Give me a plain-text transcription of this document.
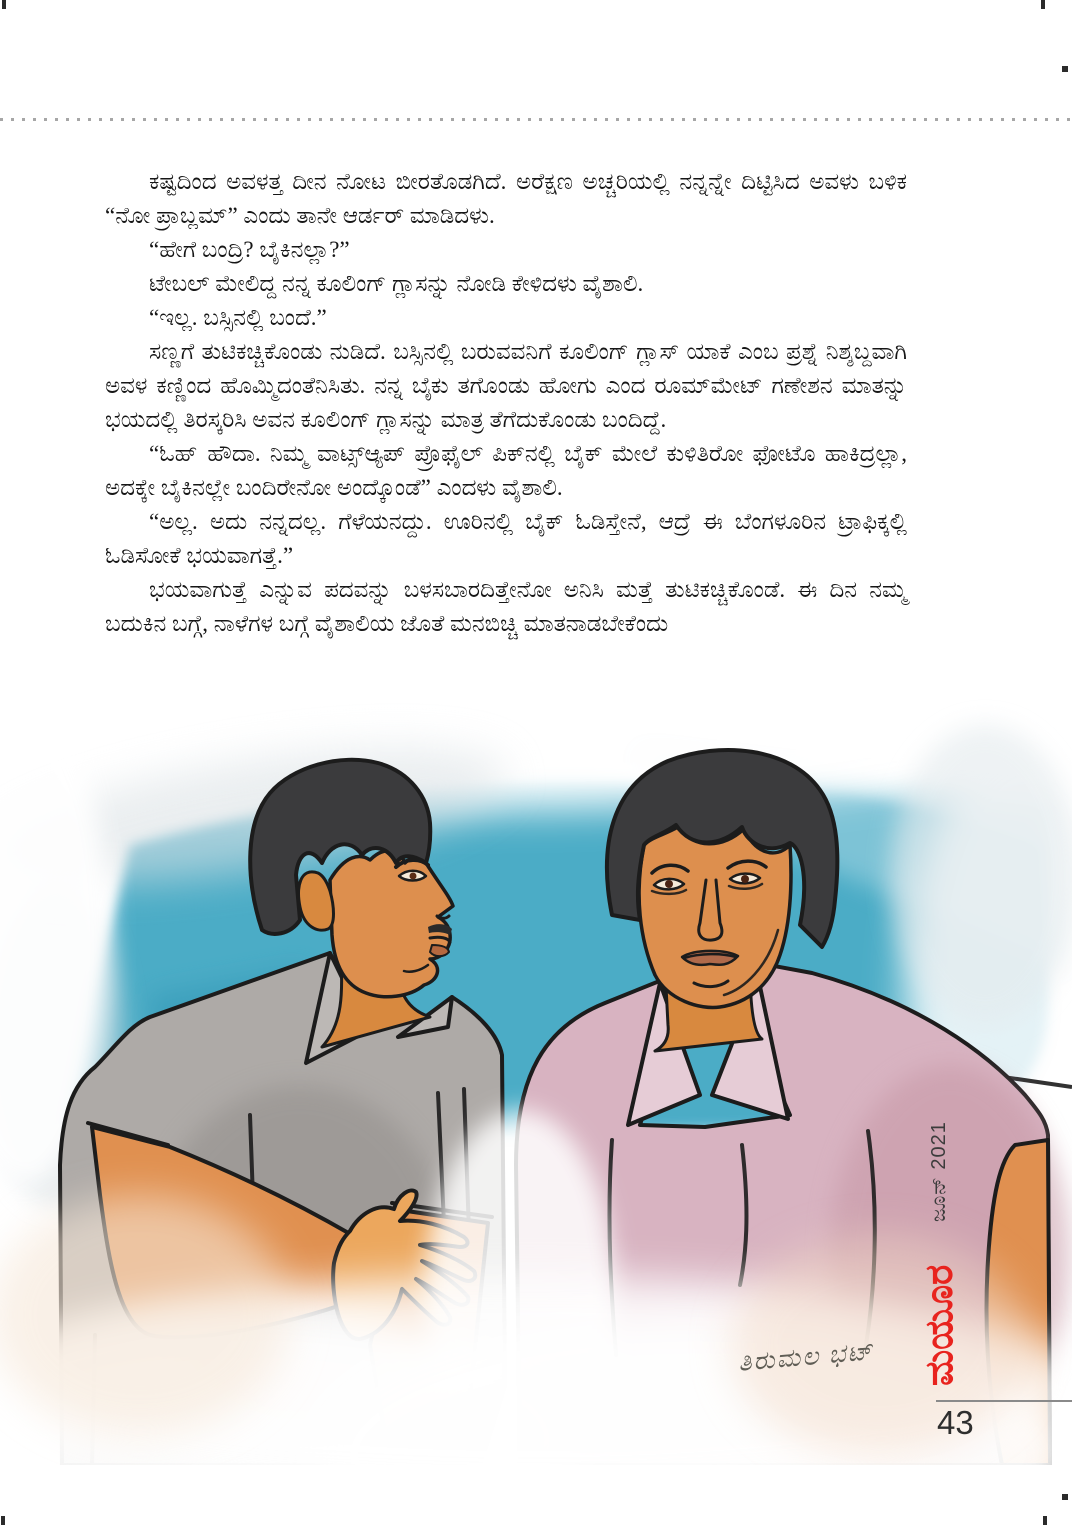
ಕಷ್ಟದಿಂದ ಅವಳತ್ತ ದೀನ ನೋಟ ಬೀರತೊಡಗಿದೆ. ಅರೆಕ್ಷಣ ಅಚ್ಚರಿಯಲ್ಲಿ ನನ್ನನ್ನೇ ದಿಟ್ಟಿಸಿದ ಅವಳು ಬಳಿಕ “ನೋ ಪ್ರಾಬ್ಲಮ್” ಎಂದು ತಾನೇ ಆರ್ಡರ್ ಮಾಡಿದಳು.

“ಹೇಗೆ ಬಂದ್ರಿ? ಬೈಕಿನಲ್ಲಾ?”

ಟೇಬಲ್ ಮೇಲಿದ್ದ ನನ್ನ ಕೂಲಿಂಗ್ ಗ್ಲಾಸನ್ನು ನೋಡಿ ಕೇಳಿದಳು ವೈಶಾಲಿ.

“ಇಲ್ಲ. ಬಸ್ಸಿನಲ್ಲಿ ಬಂದೆ.”

ಸಣ್ಣಗೆ ತುಟಿಕಚ್ಚಿಕೊಂಡು ನುಡಿದೆ. ಬಸ್ಸಿನಲ್ಲಿ ಬರುವವನಿಗೆ ಕೂಲಿಂಗ್ ಗ್ಲಾಸ್ ಯಾಕೆ ಎಂಬ ಪ್ರಶ್ನೆ ನಿಶ್ಶಬ್ದವಾಗಿ ಅವಳ ಕಣ್ಣಿಂದ ಹೊಮ್ಮಿದಂತೆನಿಸಿತು. ನನ್ನ ಬೈಕು ತಗೊಂಡು ಹೋಗು ಎಂದ ರೂಮ್‌ಮೇಟ್ ಗಣೇಶನ ಮಾತನ್ನು ಭಯದಲ್ಲಿ ತಿರಸ್ಕರಿಸಿ ಅವನ ಕೂಲಿಂಗ್ ಗ್ಲಾಸನ್ನು ಮಾತ್ರ ತೆಗೆದುಕೊಂಡು ಬಂದಿದ್ದೆ.

“ಓಹ್ ಹೌದಾ. ನಿಮ್ಮ ವಾಟ್ಸ್‌ಆ್ಯಪ್ ಪ್ರೊಫೈಲ್ ಪಿಕ್‌ನಲ್ಲಿ ಬೈಕ್ ಮೇಲೆ ಕುಳಿತಿರೋ ಫೋಟೊ ಹಾಕಿದ್ರಲ್ಲಾ, ಅದಕ್ಕೇ ಬೈಕಿನಲ್ಲೇ ಬಂದಿರೇನೋ ಅಂದ್ಕೊಂಡೆ” ಎಂದಳು ವೈಶಾಲಿ.

“ಅಲ್ಲ. ಅದು ನನ್ನದಲ್ಲ. ಗೆಳೆಯನದ್ದು. ಊರಿನಲ್ಲಿ ಬೈಕ್ ಓಡಿಸ್ತೇನೆ, ಆದ್ರೆ ಈ ಬೆಂಗಳೂರಿನ ಟ್ರಾಫಿಕ್ಕಲ್ಲಿ ಓಡಿಸೋಕೆ ಭಯವಾಗತ್ತೆ.”

ಭಯವಾಗುತ್ತೆ ಎನ್ನುವ ಪದವನ್ನು ಬಳಸಬಾರದಿತ್ತೇನೋ ಅನಿಸಿ ಮತ್ತೆ ತುಟಿಕಚ್ಚಿಕೊಂಡೆ. ಈ ದಿನ ನಮ್ಮ ಬದುಕಿನ ಬಗ್ಗೆ, ನಾಳೆಗಳ ಬಗ್ಗೆ ವೈಶಾಲಿಯ ಜೊತೆ ಮನಬಿಚ್ಚಿ ಮಾತನಾಡಬೇಕೆಂದು

ತಿರುಮಲ ಭಟ್
ಜೂನ್ 2021
ಮಯೂರ
43
